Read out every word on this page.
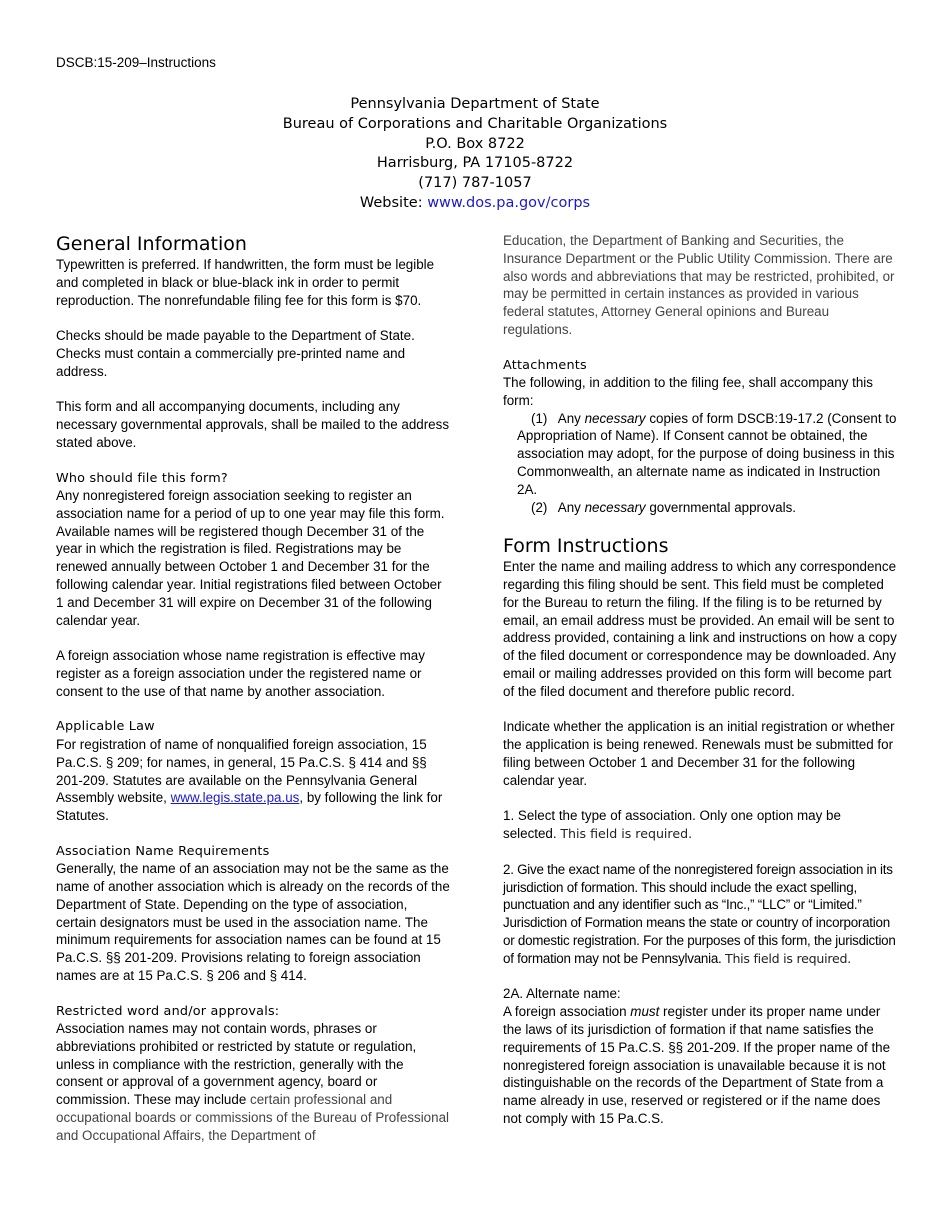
DSCB:15-209–Instructions
Pennsylvania Department of State
Bureau of Corporations and Charitable Organizations
P.O. Box 8722
Harrisburg, PA 17105-8722
(717) 787-1057
Website: www.dos.pa.gov/corps
General Information

Typewritten is preferred. If handwritten, the form must be legible and completed in black or blue-black ink in order to permit reproduction. The nonrefundable filing fee for this form is $70.

Checks should be made payable to the Department of State. Checks must contain a commercially pre-printed name and address.

This form and all accompanying documents, including any necessary governmental approvals, shall be mailed to the address stated above.

Who should file this form?

Any nonregistered foreign association seeking to register an association name for a period of up to one year may file this form. Available names will be registered though December 31 of the year in which the registration is filed. Registrations may be renewed annually between October 1 and December 31 for the following calendar year. Initial registrations filed between October 1 and December 31 will expire on December 31 of the following calendar year.

A foreign association whose name registration is effective may register as a foreign association under the registered name or consent to the use of that name by another association.

Applicable Law

For registration of name of nonqualified foreign association, 15 Pa.C.S. § 209; for names, in general, 15 Pa.C.S. § 414 and §§ 201-209. Statutes are available on the Pennsylvania General Assembly website, www.legis.state.pa.us, by following the link for Statutes.

Association Name Requirements

Generally, the name of an association may not be the same as the name of another association which is already on the records of the Department of State. Depending on the type of association, certain designators must be used in the association name. The minimum requirements for association names can be found at 15 Pa.C.S. §§ 201-209. Provisions relating to foreign association names are at 15 Pa.C.S. § 206 and § 414.

Restricted word and/or approvals:

Association names may not contain words, phrases or abbreviations prohibited or restricted by statute or regulation, unless in compliance with the restriction, generally with the consent or approval of a government agency, board or commission. These may include certain professional and occupational boards or commissions of the Bureau of Professional and Occupational Affairs, the Department of

Education, the Department of Banking and Securities, the Insurance Department or the Public Utility Commission. There are also words and abbreviations that may be restricted, prohibited, or may be permitted in certain instances as provided in various federal statutes, Attorney General opinions and Bureau regulations.

Attachments

The following, in addition to the filing fee, shall accompany this form:

(1) Any necessary copies of form DSCB:19-17.2 (Consent to Appropriation of Name). If Consent cannot be obtained, the association may adopt, for the purpose of doing business in this Commonwealth, an alternate name as indicated in Instruction 2A.

(2) Any necessary governmental approvals.

Form Instructions

Enter the name and mailing address to which any correspondence regarding this filing should be sent. This field must be completed for the Bureau to return the filing. If the filing is to be returned by email, an email address must be provided. An email will be sent to address provided, containing a link and instructions on how a copy of the filed document or correspondence may be downloaded. Any email or mailing addresses provided on this form will become part of the filed document and therefore public record.

Indicate whether the application is an initial registration or whether the application is being renewed. Renewals must be submitted for filing between October 1 and December 31 for the following calendar year.

1. Select the type of association. Only one option may be selected. This field is required.

2. Give the exact name of the nonregistered foreign association in its jurisdiction of formation. This should include the exact spelling, punctuation and any identifier such as “Inc.,” “LLC” or “Limited.” Jurisdiction of Formation means the state or country of incorporation or domestic registration. For the purposes of this form, the jurisdiction of formation may not be Pennsylvania. This field is required.

2A. Alternate name:

A foreign association must register under its proper name under the laws of its jurisdiction of formation if that name satisfies the requirements of 15 Pa.C.S. §§ 201-209. If the proper name of the nonregistered foreign association is unavailable because it is not distinguishable on the records of the Department of State from a name already in use, reserved or registered or if the name does not comply with 15 Pa.C.S.
